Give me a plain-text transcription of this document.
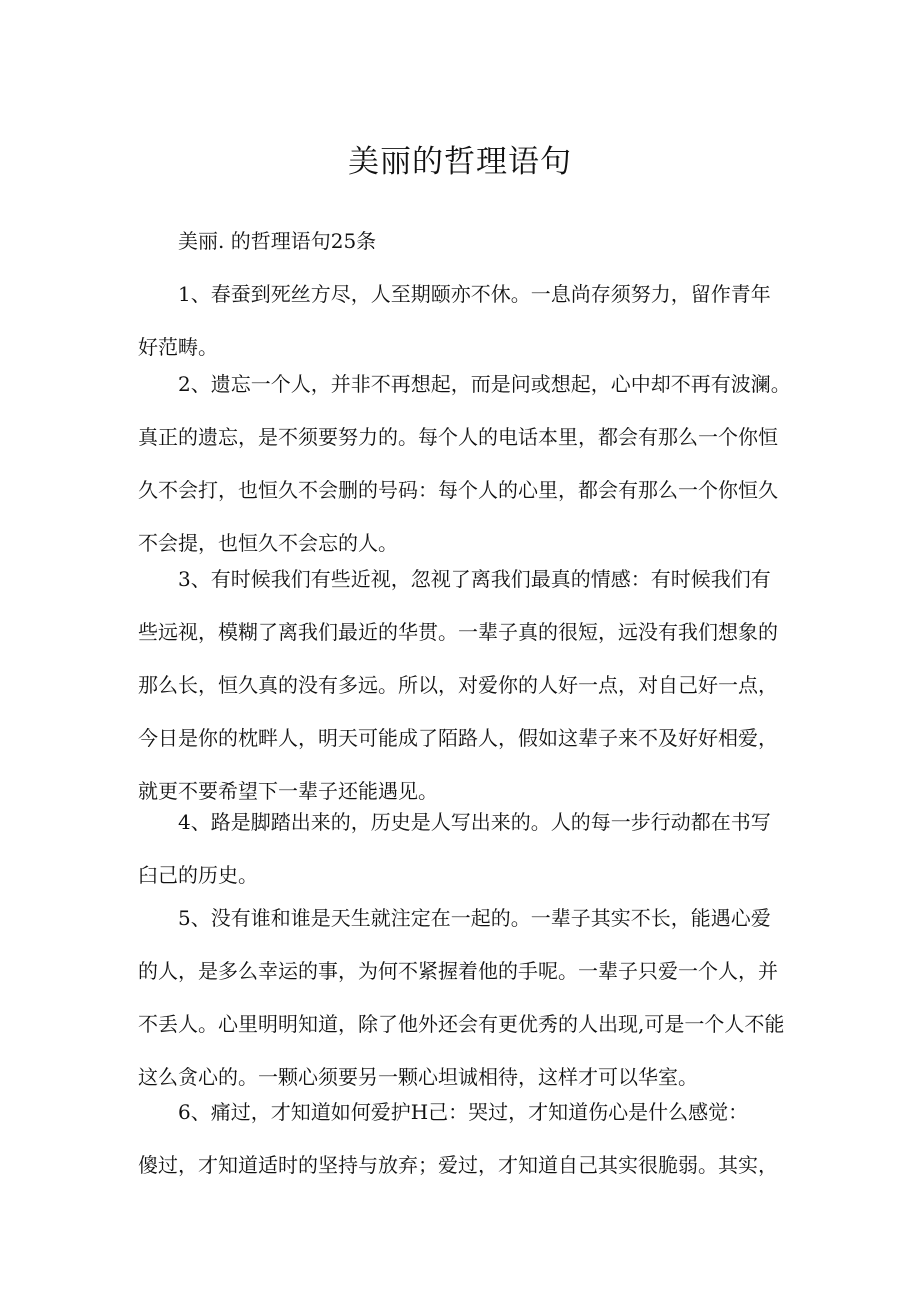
美丽的哲理语句

美丽. 的哲理语句25条

1、春蚕到死丝方尽，人至期颐亦不休。一息尚存须努力，留作青年
好范畴。

2、遗忘一个人，并非不再想起，而是问或想起，心中却不再有波澜。
真正的遗忘，是不须要努力的。每个人的电话本里，都会有那么一个你恒
久不会打，也恒久不会删的号码：每个人的心里，都会有那么一个你恒久
不会提，也恒久不会忘的人。

3、有时候我们有些近视，忽视了离我们最真的情感：有时候我们有
些远视，模糊了离我们最近的华贯。一辈子真的很短，远没有我们想象的
那么长，恒久真的没有多远。所以，对爱你的人好一点，对自己好一点，
今日是你的枕畔人，明天可能成了陌路人，假如这辈子来不及好好相爱，
就更不要希望下一辈子还能遇见。

4、路是脚踏出来的，历史是人写出来的。人的每一步行动都在书写
臼己的历史。

5、没有谁和谁是天生就注定在一起的。一辈子其实不长，能遇心爱
的人，是多么幸运的事，为何不紧握着他的手呢。一辈子只爱一个人，并
不丢人。心里明明知道，除了他外还会有更优秀的人出现,可是一个人不能
这么贪心的。一颗心须要另一颗心坦诚相待，这样才可以华室。

6、痛过，才知道如何爱护H己：哭过，才知道伤心是什么感觉：
傻过，才知道适时的坚持与放弃；爱过，才知道自己其实很脆弱。其实，
